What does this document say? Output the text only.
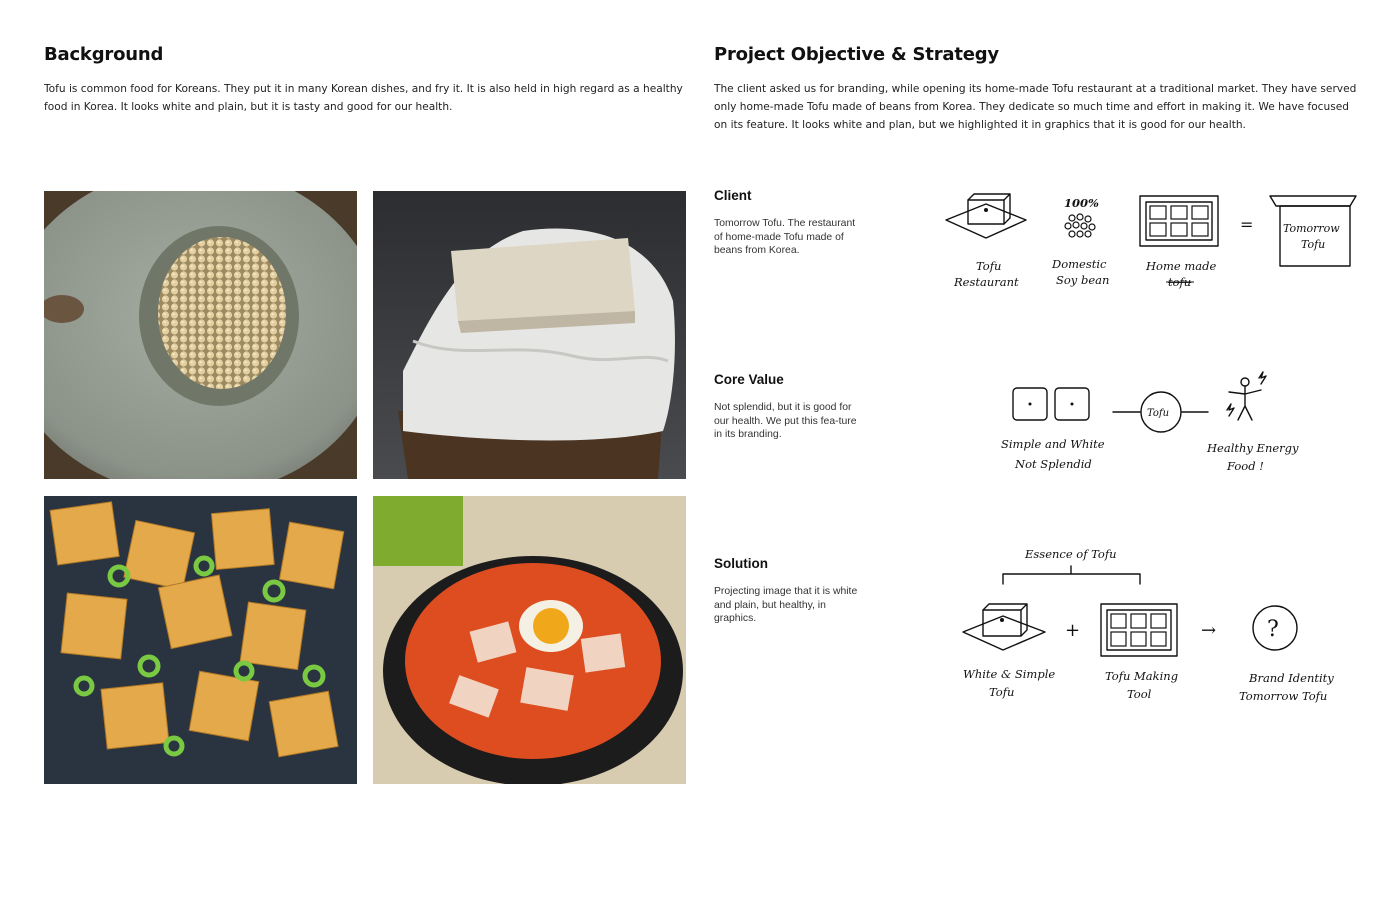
Background
Tofu is common food for Koreans. They put it in many Korean dishes, and fry it. It is also held in high regard as a healthy food in Korea. It looks white and plain, but it is tasty and good for our health.
Project Objective & Strategy
The client asked us for branding, while opening its home-made Tofu restaurant at a traditional market. They have served only home-made Tofu made of beans from Korea. They dedicate so much time and effort in making it. We have focused on its feature. It looks white and plan, but we highlighted it in graphics that it is good for our health.
Client
Tomorrow Tofu. The restaurant of home-made Tofu made of beans from Korea.
Tofu
Restaurant
100%
Domestic
Soy bean
Home made
tofu
=	Tomorrow
Tofu
Core Value
Not splendid, but it is good for our health. We put this fea-ture in its branding.
Simple and White
Not Splendid
Tofu
Healthy Energy
Food !
Solution
Projecting image that it is white and plain, but healthy, in graphics.
Essence of Tofu
White & Simple
Tofu
+
Tofu Making
Tool
→ ?
Brand Identity
Tomorrow Tofu
